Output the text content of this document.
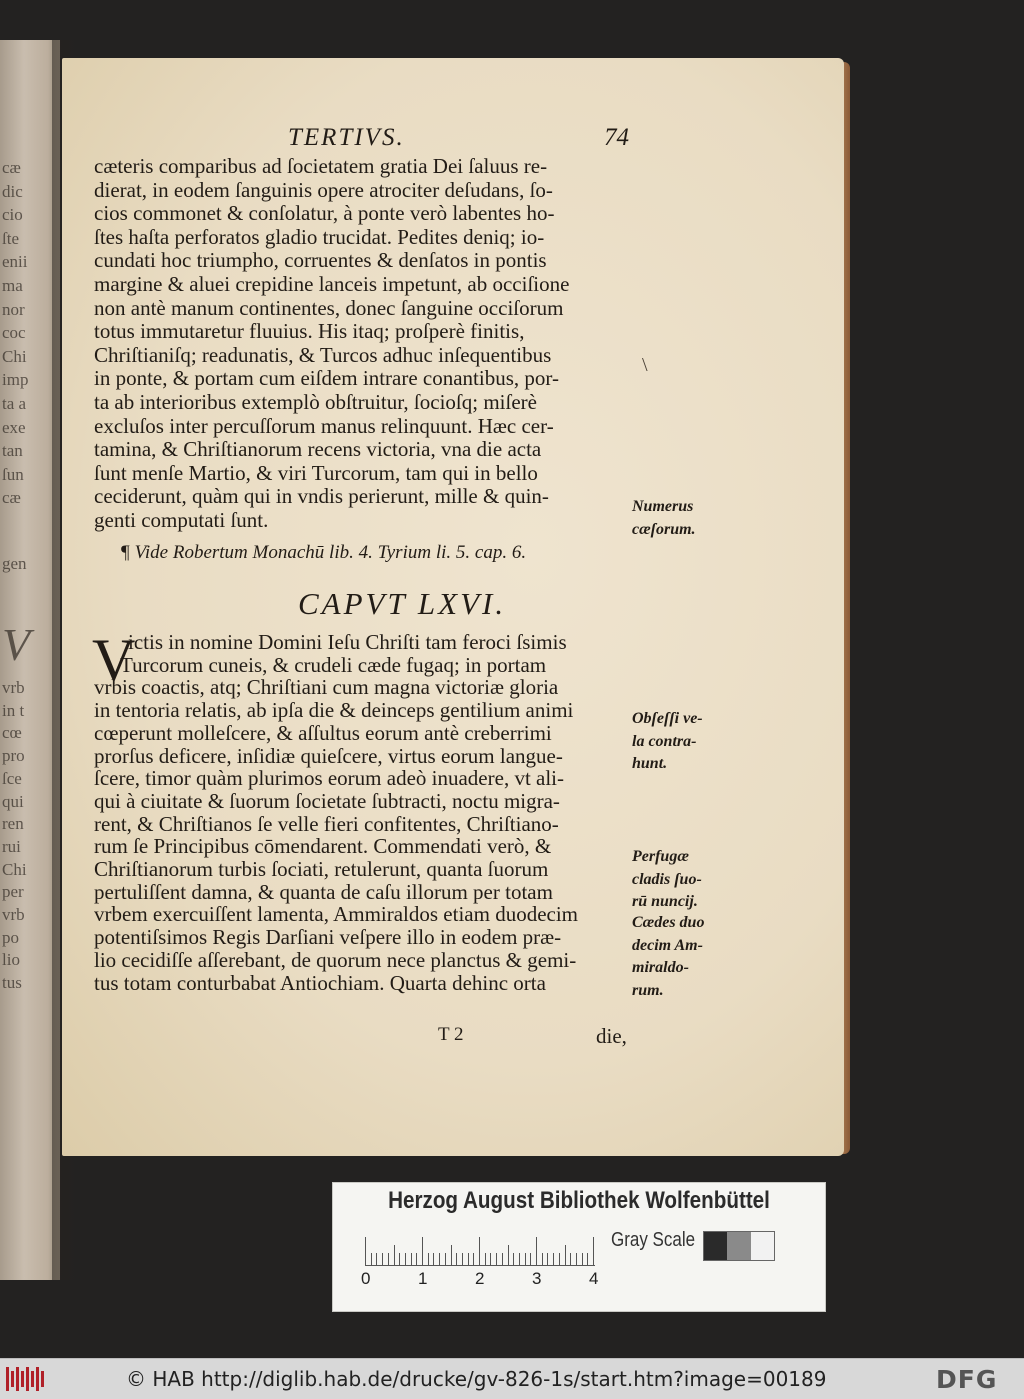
cæ
dic
cio
ſte
enii
ma
nor
coc
Chi
imp
ta a
exe
tan
ſun
cæ
gen
V
vrb
in t
cœ
pro
ſce
qui
ren
rui
Chi
per
vrb
po
lio
tus
TERTIVS.	74
cæteris comparibus ad ſocietatem gratia Dei ſaluus re-
dierat, in eodem ſanguinis opere atrociter deſudans, ſo-
cios commonet & conſolatur, à ponte verò labentes ho-
ſtes haſta perforatos gladio trucidat. Pedites deniq; io-
cundati hoc triumpho, corruentes & denſatos in pontis
margine & aluei crepidine lanceis impetunt, ab occiſione
non antè manum continentes, donec ſanguine occiſorum
totus immutaretur fluuius. His itaq; proſperè finitis,
Chriſtianiſq; readunatis, & Turcos adhuc inſequentibus
in ponte, & portam cum eiſdem intrare conantibus, por-
ta ab interioribus extemplò obſtruitur, ſocioſq; miſerè
excluſos inter percuſſorum manus relinquunt. Hæc cer-
tamina, & Chriſtianorum recens victoria, vna die acta
ſunt menſe Martio, & viri Turcorum, tam qui in bello
ceciderunt, quàm qui in vndis perierunt, mille & quin-
genti computati ſunt.
\
¶ Vide Robertum Monachū lib. 4. Tyrium li. 5. cap. 6.
CAPVT LXVI.
V
ictis in nomine Domini Ieſu Chriſti tam feroci ſsimis
Turcorum cuneis, & crudeli cæde fugaq; in portam
vrbis coactis, atq; Chriſtiani cum magna victoriæ gloria
in tentoria relatis, ab ipſa die & deinceps gentilium animi
cœperunt molleſcere, & aſſultus eorum antè creberrimi
prorſus deficere, inſidiæ quieſcere, virtus eorum langue-
ſcere, timor quàm plurimos eorum adeò inuadere, vt ali-
qui à ciuitate & ſuorum ſocietate ſubtracti, noctu migra-
rent, & Chriſtianos ſe velle fieri confitentes, Chriſtiano-
rum ſe Principibus cōmendarent. Commendati verò, &
Chriſtianorum turbis ſociati, retulerunt, quanta ſuorum
pertuliſſent damna, & quanta de caſu illorum per totam
vrbem exercuiſſent lamenta, Ammiraldos etiam duodecim
potentiſsimos Regis Darſiani veſpere illo in eodem præ-
lio cecidiſſe aſſerebant, de quorum nece planctus & gemi-
tus totam conturbabat Antiochiam. Quarta dehinc orta
T 2	die,
Numerus
cæſorum.
Obſeſſi ve-
la contra-
hunt.
Perfugæ
cladis ſuo-
rū nuncij.
Cædes duo
decim Am-
miraldo-
rum.
Herzog August Bibliothek Wolfenbüttel
0	1	2	3	4
Gray Scale
© HAB http://diglib.hab.de/drucke/gv-826-1s/start.htm?image=00189	DFG
